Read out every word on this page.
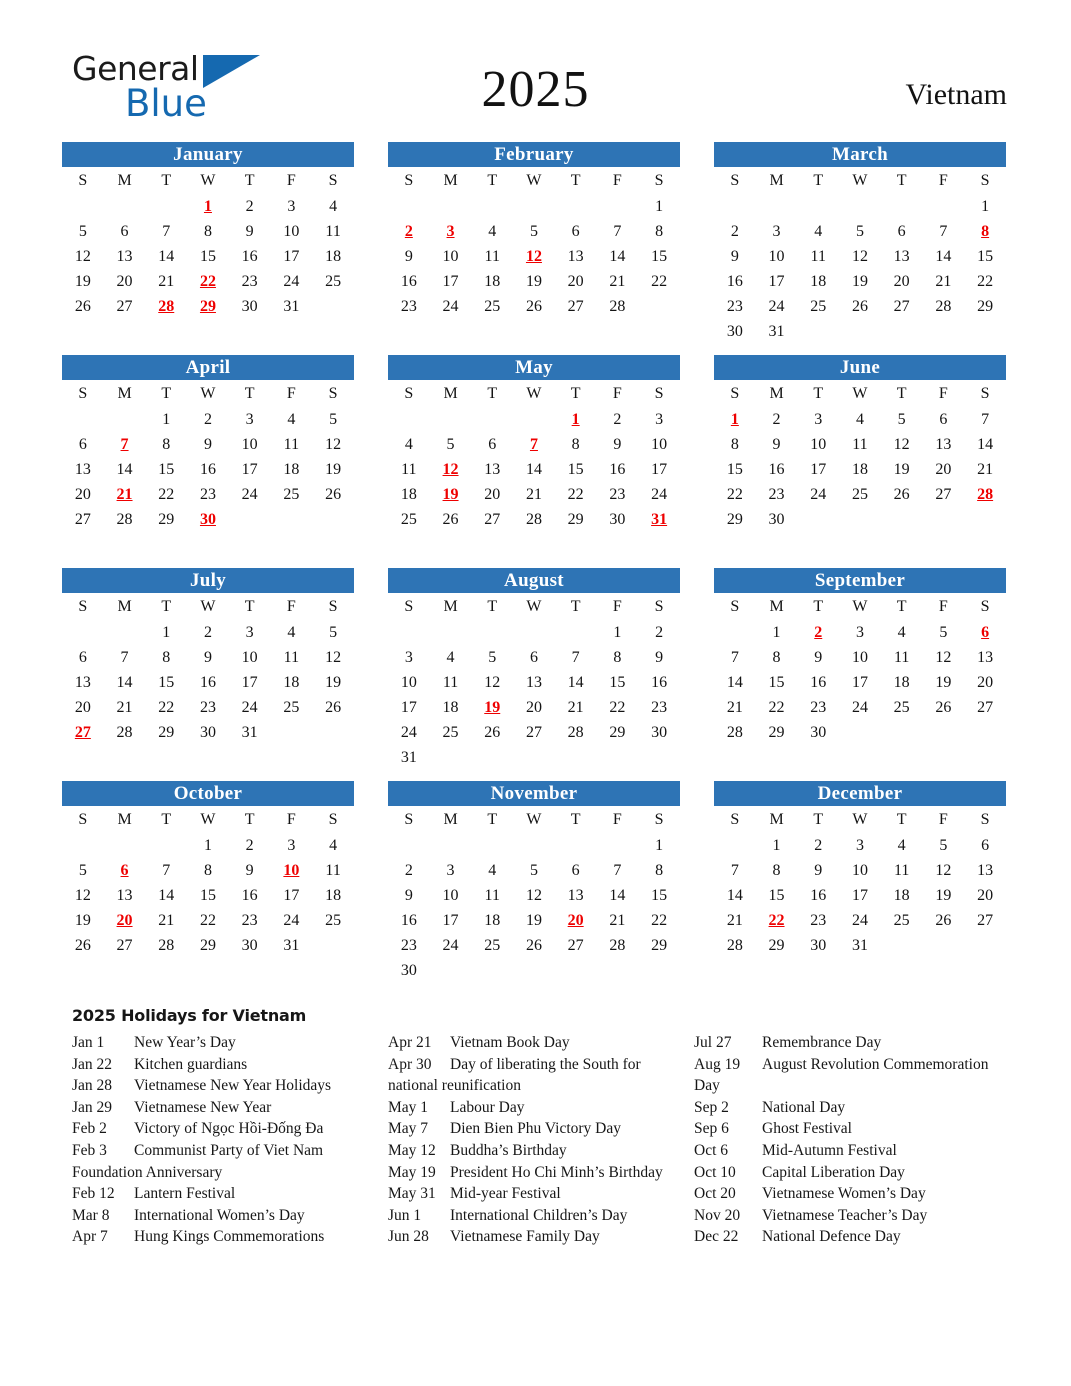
General
Blue	2025	Vietnam
January
S	M	T	W	T	F	S
			1	2	3	4
5	6	7	8	9	10	11
12	13	14	15	16	17	18
19	20	21	22	23	24	25
26	27	28	29	30	31	
February
S	M	T	W	T	F	S
						1
2	3	4	5	6	7	8
9	10	11	12	13	14	15
16	17	18	19	20	21	22
23	24	25	26	27	28	
March
S	M	T	W	T	F	S
						1
2	3	4	5	6	7	8
9	10	11	12	13	14	15
16	17	18	19	20	21	22
23	24	25	26	27	28	29
30	31					
April
S	M	T	W	T	F	S
		1	2	3	4	5
6	7	8	9	10	11	12
13	14	15	16	17	18	19
20	21	22	23	24	25	26
27	28	29	30			
May
S	M	T	W	T	F	S
				1	2	3
4	5	6	7	8	9	10
11	12	13	14	15	16	17
18	19	20	21	22	23	24
25	26	27	28	29	30	31
June
S	M	T	W	T	F	S
1	2	3	4	5	6	7
8	9	10	11	12	13	14
15	16	17	18	19	20	21
22	23	24	25	26	27	28
29	30					
July
S	M	T	W	T	F	S
		1	2	3	4	5
6	7	8	9	10	11	12
13	14	15	16	17	18	19
20	21	22	23	24	25	26
27	28	29	30	31		
August
S	M	T	W	T	F	S
					1	2
3	4	5	6	7	8	9
10	11	12	13	14	15	16
17	18	19	20	21	22	23
24	25	26	27	28	29	30
31						
September
S	M	T	W	T	F	S
	1	2	3	4	5	6
7	8	9	10	11	12	13
14	15	16	17	18	19	20
21	22	23	24	25	26	27
28	29	30				
October
S	M	T	W	T	F	S
			1	2	3	4
5	6	7	8	9	10	11
12	13	14	15	16	17	18
19	20	21	22	23	24	25
26	27	28	29	30	31	
November
S	M	T	W	T	F	S
						1
2	3	4	5	6	7	8
9	10	11	12	13	14	15
16	17	18	19	20	21	22
23	24	25	26	27	28	29
30						
December
S	M	T	W	T	F	S
	1	2	3	4	5	6
7	8	9	10	11	12	13
14	15	16	17	18	19	20
21	22	23	24	25	26	27
28	29	30	31			
2025 Holidays for Vietnam
Jan 1 New Year’s Day
Jan 22 Kitchen guardians
Jan 28 Vietnamese New Year Holidays
Jan 29 Vietnamese New Year
Feb 2 Victory of Ngọc Hồi-Đống Đa
Feb 3 Communist Party of Viet Nam Foundation Anniversary
Feb 12 Lantern Festival
Mar 8 International Women’s Day
Apr 7 Hung Kings Commemorations
Apr 21 Vietnam Book Day
Apr 30 Day of liberating the South for national reunification
May 1 Labour Day
May 7 Dien Bien Phu Victory Day
May 12 Buddha’s Birthday
May 19 President Ho Chi Minh’s Birthday
May 31 Mid-year Festival
Jun 1 International Children’s Day
Jun 28 Vietnamese Family Day
Jul 27 Remembrance Day
Aug 19 August Revolution Commemoration Day
Sep 2 National Day
Sep 6 Ghost Festival
Oct 6 Mid-Autumn Festival
Oct 10 Capital Liberation Day
Oct 20 Vietnamese Women’s Day
Nov 20 Vietnamese Teacher’s Day
Dec 22 National Defence Day
